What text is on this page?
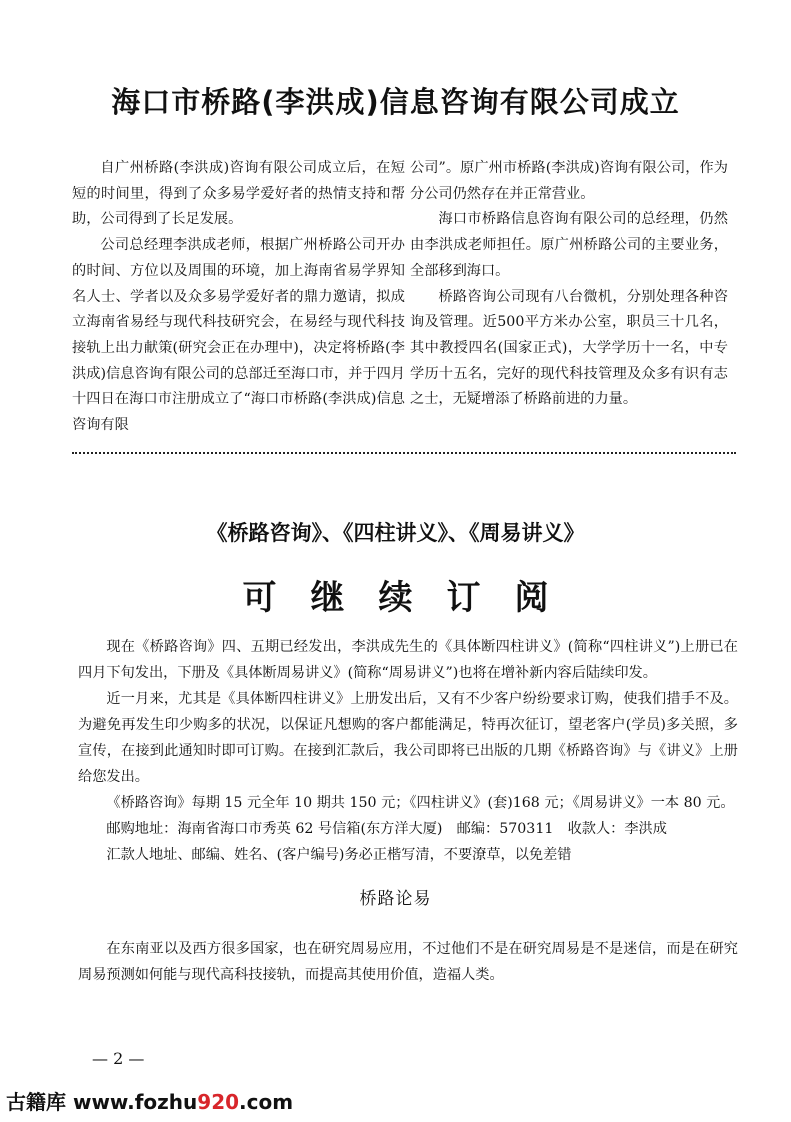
海口市桥路(李洪成)信息咨询有限公司成立

自广州桥路(李洪成)咨询有限公司成立后，在短短的时间里，得到了众多易学爱好者的热情支持和帮助，公司得到了长足发展。

公司总经理李洪成老师，根据广州桥路公司开办的时间、方位以及周围的环境，加上海南省易学界知名人士、学者以及众多易学爱好者的鼎力邀请，拟成立海南省易经与现代科技研究会，在易经与现代科技接轨上出力献策(研究会正在办理中)，决定将桥路(李洪成)信息咨询有限公司的总部迁至海口市，并于四月十四日在海口市注册成立了“海口市桥路(李洪成)信息咨询有限

公司”。原广州市桥路(李洪成)咨询有限公司，作为分公司仍然存在并正常营业。

海口市桥路信息咨询有限公司的总经理，仍然由李洪成老师担任。原广州桥路公司的主要业务，全部移到海口。

桥路咨询公司现有八台微机，分别处理各种咨询及管理。近500平方米办公室，职员三十几名，其中教授四名(国家正式)，大学学历十一名，中专学历十五名，完好的现代科技管理及众多有识有志之士，无疑增添了桥路前进的力量。

《桥路咨询》、《四柱讲义》、《周易讲义》
可继续订阅

现在《桥路咨询》四、五期已经发出，李洪成先生的《具体断四柱讲义》(简称“四柱讲义”)上册已在四月下旬发出，下册及《具体断周易讲义》(简称“周易讲义”)也将在增补新内容后陆续印发。

近一月来，尤其是《具体断四柱讲义》上册发出后，又有不少客户纷纷要求订购，使我们措手不及。为避免再发生印少购多的状况，以保证凡想购的客户都能满足，特再次征订，望老客户(学员)多关照，多宣传，在接到此通知时即可订购。在接到汇款后，我公司即将已出版的几期《桥路咨询》与《讲义》上册给您发出。

《桥路咨询》每期 15 元全年 10 期共 150 元；《四柱讲义》(套)168 元；《周易讲义》一本 80 元。

邮购地址：海南省海口市秀英 62 号信箱(东方洋大厦)　邮编：570311　收款人：李洪成

汇款人地址、邮编、姓名、(客户编号)务必正楷写清，不要潦草，以免差错

桥路论易

在东南亚以及西方很多国家，也在研究周易应用，不过他们不是在研究周易是不是迷信，而是在研究周易预测如何能与现代高科技接轨，而提高其使用价值，造福人类。

— 2 —
古籍库 www.fozhu920.com
